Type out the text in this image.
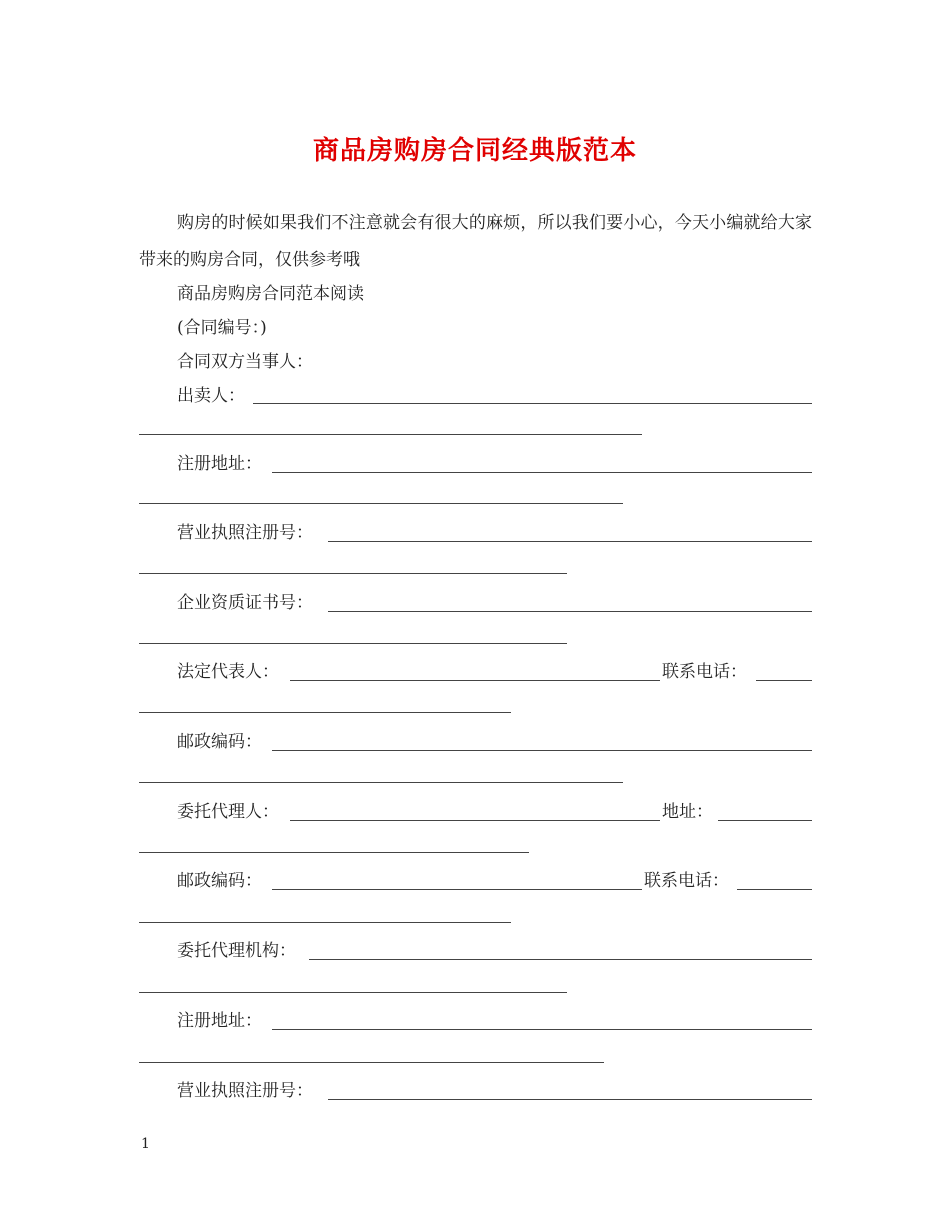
商品房购房合同经典版范本
购房的时候如果我们不注意就会有很大的麻烦，所以我们要小心，今天小编就给大家带来的购房合同，仅供参考哦
商品房购房合同范本阅读
(合同编号：)
合同双方当事人：
出卖人：
注册地址：
营业执照注册号：
企业资质证书号：
法定代表人：	联系电话：
邮政编码：
委托代理人：	地址：
邮政编码：	联系电话：
委托代理机构：
注册地址：
营业执照注册号：
1
